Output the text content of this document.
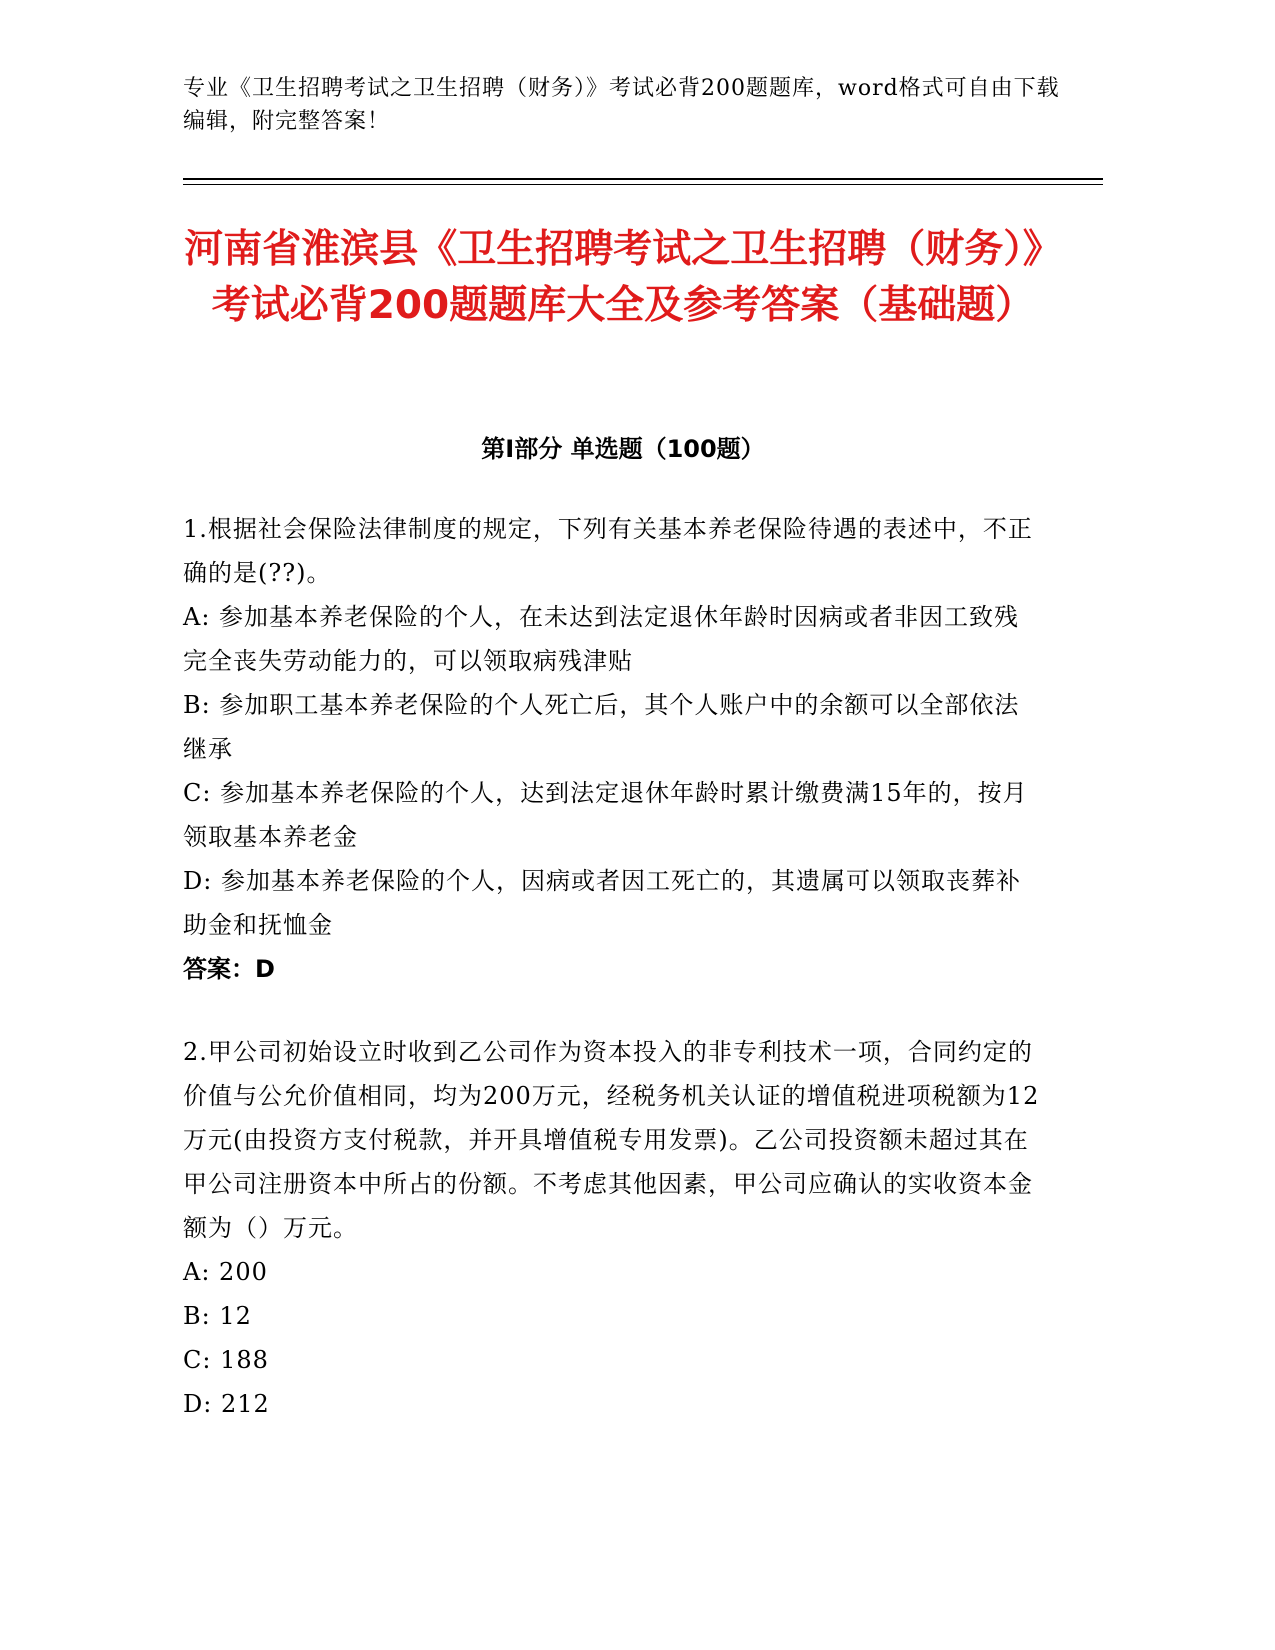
专业《卫生招聘考试之卫生招聘（财务）》考试必背200题题库，word格式可自由下载编辑，附完整答案！
河南省淮滨县《卫生招聘考试之卫生招聘（财务）》考试必背200题题库大全及参考答案（基础题）
第I部分 单选题（100题）

1.根据社会保险法律制度的规定，下列有关基本养老保险待遇的表述中，不正确的是(??)。

A: 参加基本养老保险的个人，在未达到法定退休年龄时因病或者非因工致残完全丧失劳动能力的，可以领取病残津贴

B: 参加职工基本养老保险的个人死亡后，其个人账户中的余额可以全部依法继承

C: 参加基本养老保险的个人，达到法定退休年龄时累计缴费满15年的，按月领取基本养老金

D: 参加基本养老保险的个人，因病或者因工死亡的，其遗属可以领取丧葬补助金和抚恤金

答案：D

2.甲公司初始设立时收到乙公司作为资本投入的非专利技术一项，合同约定的价值与公允价值相同，均为200万元，经税务机关认证的增值税进项税额为12万元(由投资方支付税款，并开具增值税专用发票)。乙公司投资额未超过其在甲公司注册资本中所占的份额。不考虑其他因素，甲公司应确认的实收资本金额为（）万元。

A: 200

B: 12

C: 188

D: 212
